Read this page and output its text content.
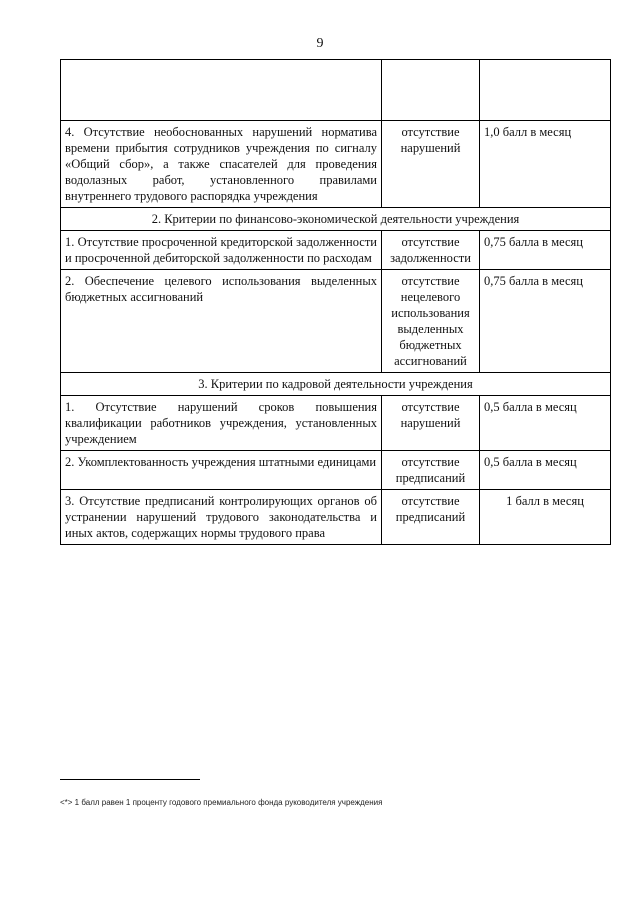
9

4. Отсутствие необоснованных нарушений норматива времени прибытия сотрудников учреждения по сигналу «Общий сбор», а также спасателей для проведения водолазных работ, установленного правилами внутреннего трудового распорядка учреждения	отсутствие нарушений	1,0 балл в месяц
2. Критерии по финансово-экономической деятельности учреждения		
1. Отсутствие просроченной кредиторской задолженности и просроченной дебиторской задолженности по расходам	отсутствие задолженности	0,75 балла в месяц
2. Обеспечение целевого использования выделенных бюджетных ассигнований	отсутствие нецелевого использования выделенных бюджетных ассигнований	0,75 балла в месяц
3. Критерии по кадровой деятельности учреждения		
1. Отсутствие нарушений сроков повышения квалификации работников учреждения, установленных учреждением	отсутствие нарушений	0,5 балла в месяц
2. Укомплектованность учреждения штатными единицами	отсутствие предписаний	0,5 балла в месяц
3. Отсутствие предписаний контролирующих органов об устранении нарушений трудового законодательства и иных актов, содержащих нормы трудового права	отсутствие предписаний	1 балл в месяц
<*> 1 балл равен 1 проценту годового премиального фонда руководителя учреждения
